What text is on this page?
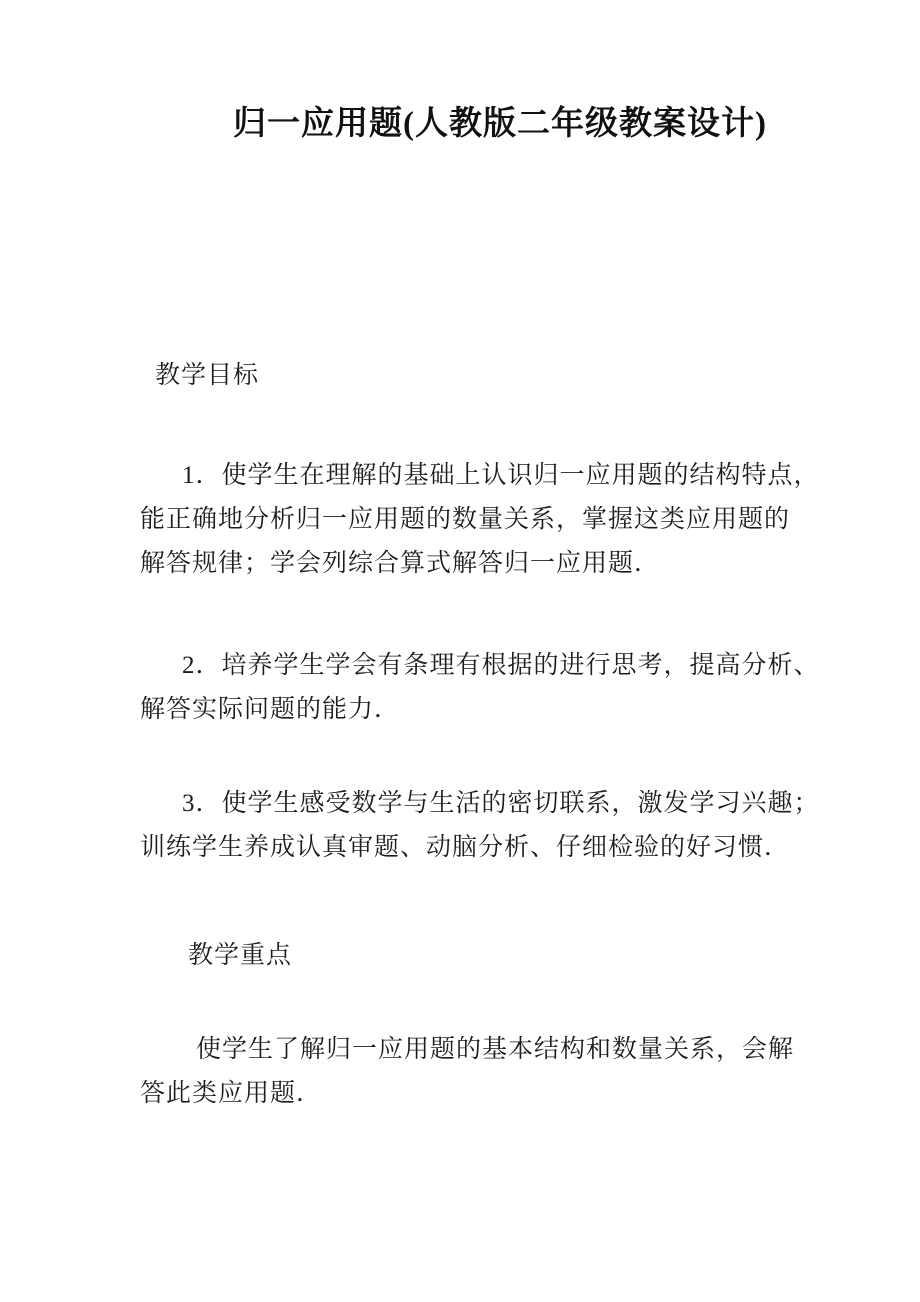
归一应用题(人教版二年级教案设计)
教学目标
1．使学生在理解的基础上认识归一应用题的结构特点，
能正确地分析归一应用题的数量关系，掌握这类应用题的
解答规律；学会列综合算式解答归一应用题．
2．培养学生学会有条理有根据的进行思考，提高分析、
解答实际问题的能力．
3．使学生感受数学与生活的密切联系，激发学习兴趣；
训练学生养成认真审题、动脑分析、仔细检验的好习惯．
教学重点
使学生了解归一应用题的基本结构和数量关系，会解
答此类应用题．
